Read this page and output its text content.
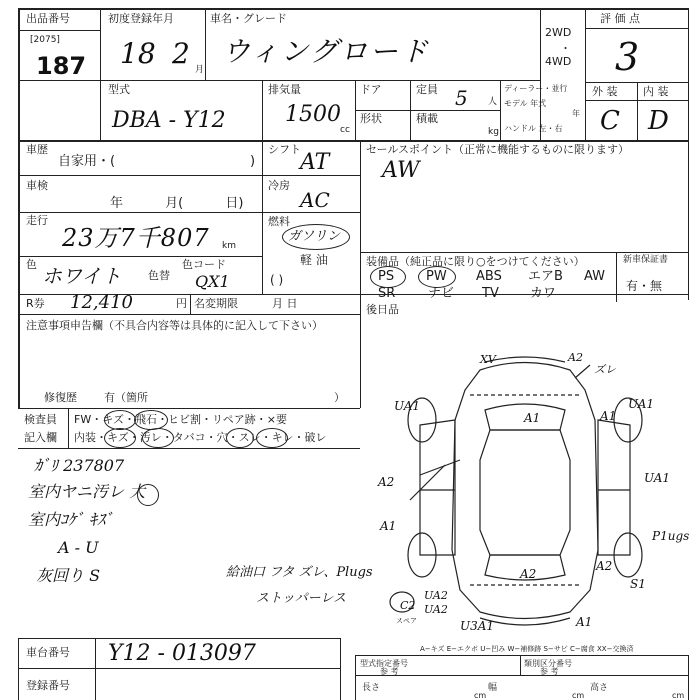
出品番号
[2075]
187
初度登録年月
18 2 月
車名・グレード
ウィングロード
2WD
・
4WD
評 価 点
3
型式
DBA - Y12
排気量
1500
cc
ドア
形状
定員 5 人
積載
kg
ディーラー・並行
モデル 年式
年
ハンドル 左・右
外 装 内 装
C D
車歴
自家用・(	)
シフト
AT
セールスポイント（正常に機能するものに限ります）
AW
車検
年 月( 日)
冷房
AC
走行
23万7千807 km
燃料
ガソリン
軽 油
( )
色 ホワイト 色替
色コード
QX1
装備品（純正品に限り○をつけてください）	新車保証書
有・無
PS PW ABS エアB AW
SR	ナビ TV カワ
R券 12,410	円 名変期限	月 日	後日品
注意事項申告欄（不具合内容等は具体的に記入して下さい）
修復歴 有（箇所	）
検査員
記入欄
FW・キズ・飛石・ヒビ割・リペア跡・×要
内装・キズ・汚レ・タバコ・穴・スレ・キレ・破レ
ｶﾞﾘ 237807
室内ヤニ汚レ 大
室内ｺｹﾞ ｷｽﾞ
A - U
灰回り S	給油口 フタ ズレ、Plugs
ストッパーレス
XV	A2
ズレ
UA1
A1	A1
UA1
A2	UA1
A1
A2
P1ugs
A2
S1
UA2
C2 UA2
U3A1	A1
スペア
A−キズ E−エクボ U−凹み W−補修跡 S−サビ C−腐食 XX−交換済
型式指定番号	類別区分番号
参 考	参 考
長さ
cm
幅
cm
高さ
cm
車台番号 Y12 - 013097
登録番号
